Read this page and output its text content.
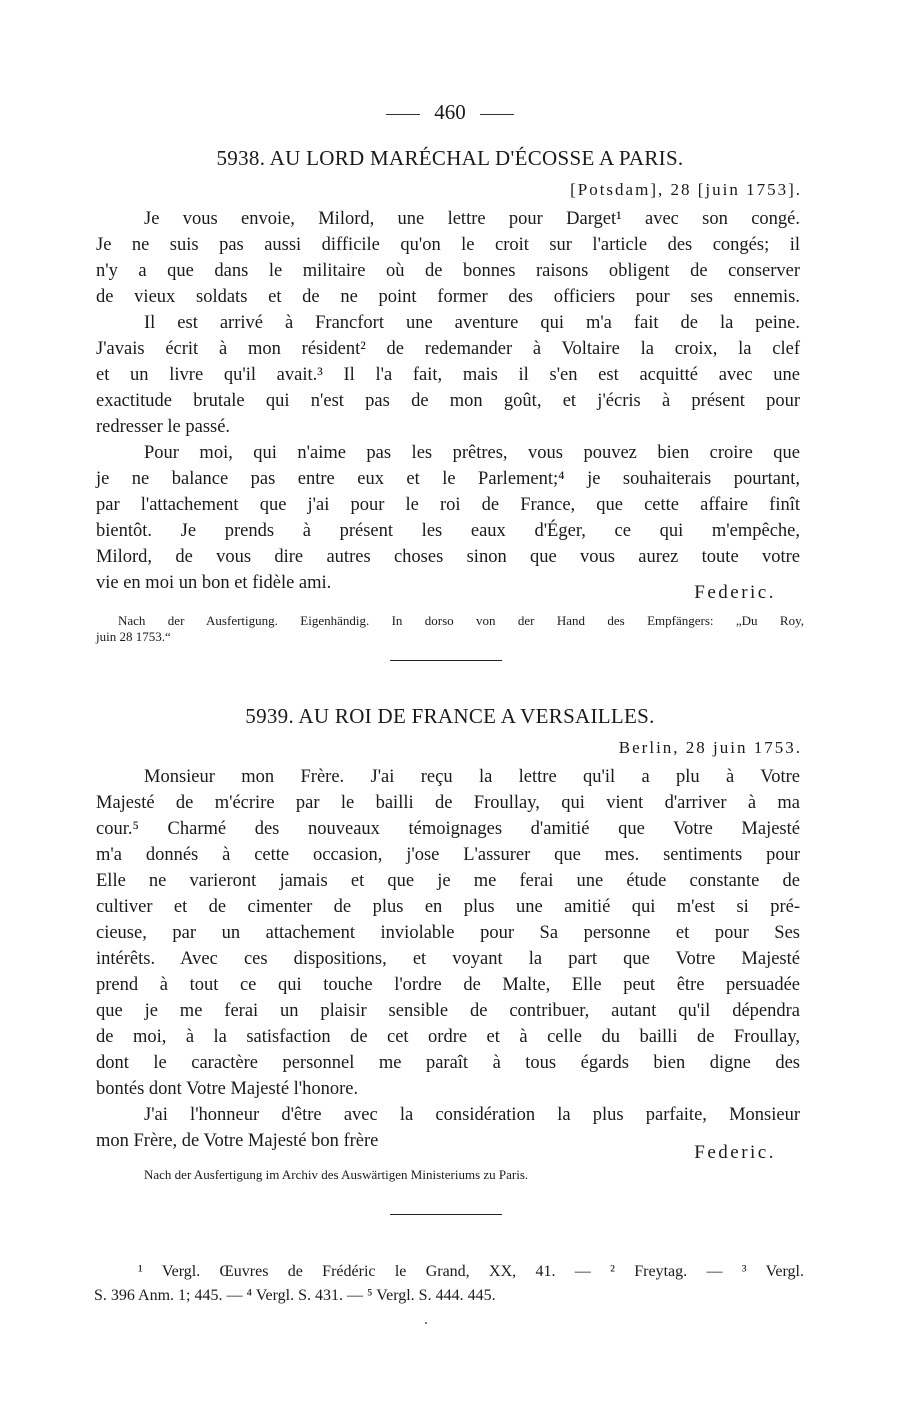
460
5938. AU LORD MARÉCHAL D'ÉCOSSE A PARIS.
[Potsdam], 28 [juin 1753].
Je vous envoie, Milord, une lettre pour Darget¹ avec son congé.
Je ne suis pas aussi difficile qu'on le croit sur l'article des congés; il
n'y a que dans le militaire où de bonnes raisons obligent de conserver
de vieux soldats et de ne point former des officiers pour ses ennemis.
Il est arrivé à Francfort une aventure qui m'a fait de la peine.
J'avais écrit à mon résident² de redemander à Voltaire la croix, la clef
et un livre qu'il avait.³ Il l'a fait, mais il s'en est acquitté avec une
exactitude brutale qui n'est pas de mon goût, et j'écris à présent pour
redresser le passé.
Pour moi, qui n'aime pas les prêtres, vous pouvez bien croire que
je ne balance pas entre eux et le Parlement;⁴ je souhaiterais pourtant,
par l'attachement que j'ai pour le roi de France, que cette affaire finît
bientôt. Je prends à présent les eaux d'Éger, ce qui m'empêche,
Milord, de vous dire autres choses sinon que vous aurez toute votre
vie en moi un bon et fidèle ami.	Federic.
Nach der Ausfertigung. Eigenhändig. In dorso von der Hand des Empfängers: „Du Roy,
juin 28 1753.“
5939. AU ROI DE FRANCE A VERSAILLES.
Berlin, 28 juin 1753.
Monsieur mon Frère. J'ai reçu la lettre qu'il a plu à Votre
Majesté de m'écrire par le bailli de Froullay, qui vient d'arriver à ma
cour.⁵ Charmé des nouveaux témoignages d'amitié que Votre Majesté
m'a donnés à cette occasion, j'ose L'assurer que mes. sentiments pour
Elle ne varieront jamais et que je me ferai une étude constante de
cultiver et de cimenter de plus en plus une amitié qui m'est si pré-
cieuse, par un attachement inviolable pour Sa personne et pour Ses
intérêts. Avec ces dispositions, et voyant la part que Votre Majesté
prend à tout ce qui touche l'ordre de Malte, Elle peut être persuadée
que je me ferai un plaisir sensible de contribuer, autant qu'il dépendra
de moi, à la satisfaction de cet ordre et à celle du bailli de Froullay,
dont le caractère personnel me paraît à tous égards bien digne des
bontés dont Votre Majesté l'honore.
J'ai l'honneur d'être avec la considération la plus parfaite, Monsieur
mon Frère, de Votre Majesté bon frère
Federic.
Nach der Ausfertigung im Archiv des Auswärtigen Ministeriums zu Paris.
¹ Vergl. Œuvres de Frédéric le Grand, XX, 41. — ² Freytag. — ³ Vergl.
S. 396 Anm. 1; 445. — ⁴ Vergl. S. 431. — ⁵ Vergl. S. 444. 445.
